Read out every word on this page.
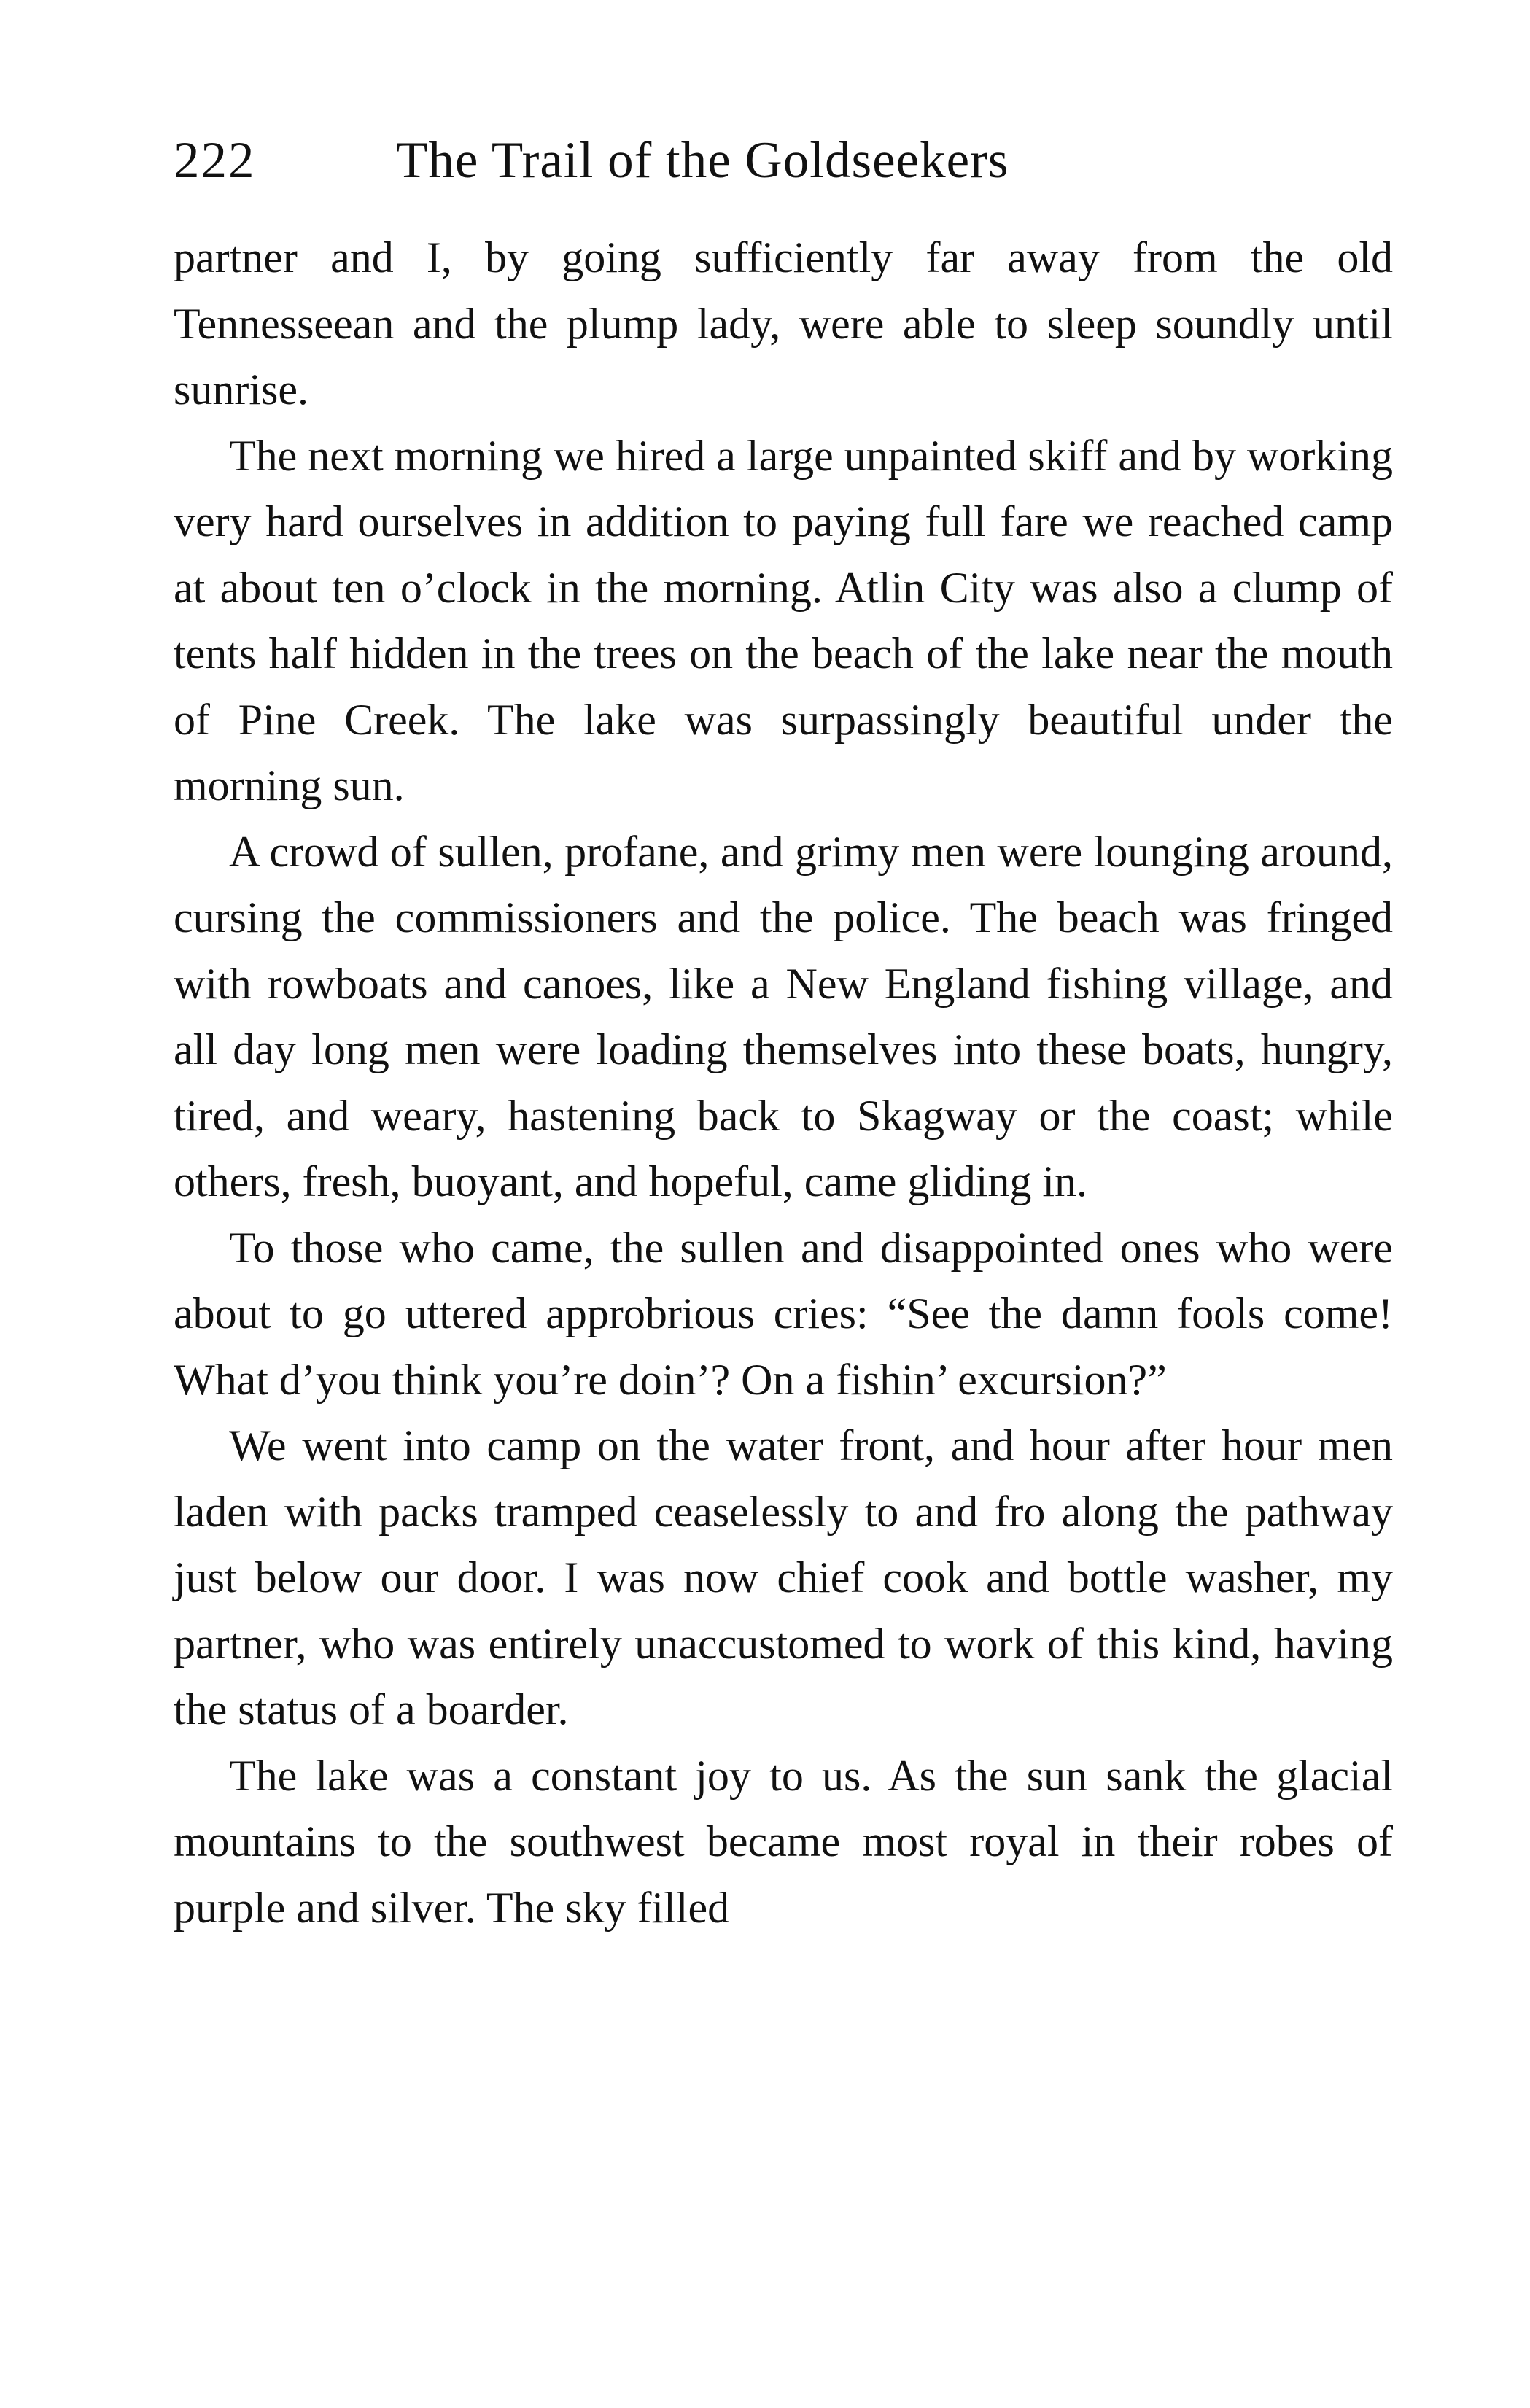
222	The Trail of the Goldseekers

partner and I, by going sufficiently far away from the old Tennesseean and the plump lady, were able to sleep soundly until sunrise.

The next morning we hired a large unpainted skiff and by working very hard ourselves in addition to paying full fare we reached camp at about ten o’clock in the morning. Atlin City was also a clump of tents half hidden in the trees on the beach of the lake near the mouth of Pine Creek. The lake was surpassingly beautiful under the morning sun.

A crowd of sullen, profane, and grimy men were lounging around, cursing the commissioners and the police. The beach was fringed with rowboats and canoes, like a New England fishing village, and all day long men were loading themselves into these boats, hungry, tired, and weary, hastening back to Skagway or the coast; while others, fresh, buoyant, and hopeful, came gliding in.

To those who came, the sullen and disappointed ones who were about to go uttered approbrious cries: “See the damn fools come! What d’you think you’re doin’? On a fishin’ excursion?”

We went into camp on the water front, and hour after hour men laden with packs tramped ceaselessly to and fro along the pathway just below our door. I was now chief cook and bottle washer, my partner, who was entirely unaccustomed to work of this kind, having the status of a boarder.

The lake was a constant joy to us. As the sun sank the glacial mountains to the southwest became most royal in their robes of purple and silver. The sky filled
